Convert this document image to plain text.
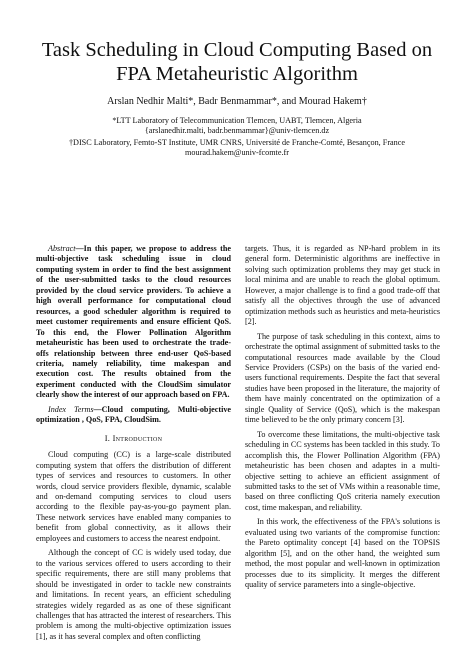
Task Scheduling in Cloud Computing Based on
FPA Metaheuristic Algorithm
Arslan Nedhir Malti*, Badr Benmammar*, and Mourad Hakem†
*LTT Laboratory of Telecommunication Tlemcen, UABT, Tlemcen, Algeria
{arslanedhir.malti, badr.benmammar}@univ-tlemcen.dz
†DISC Laboratory, Femto-ST Institute, UMR CNRS, Université de Franche-Comté, Besançon, France
mourad.hakem@univ-fcomte.fr

Abstract—In this paper, we propose to address the multi-objective task scheduling issue in cloud computing system in order to find the best assignment of the user-submitted tasks to the cloud resources provided by the cloud service providers. To achieve a high overall performance for computational cloud resources, a good scheduler algorithm is required to meet customer requirements and ensure efficient QoS. To this end, the Flower Pollination Algorithm metaheuristic has been used to orchestrate the trade-offs relationship between three end-user QoS-based criteria, namely reliability, time makespan and execution cost. The results obtained from the experiment conducted with the CloudSim simulator clearly show the interest of our approach based on FPA.

Index Terms—Cloud computing, Multi-objective optimization , QoS, FPA, CloudSim.

I. Introduction

Cloud computing (CC) is a large-scale distributed computing system that offers the distribution of different types of services and resources to customers. In other words, cloud service providers flexible, dynamic, scalable and on-demand computing services to cloud users according to the flexible pay-as-you-go payment plan. These network services have enabled many companies to benefit from global connectivity, as it allows their employees and customers to access the nearest endpoint.

Although the concept of CC is widely used today, due to the various services offered to users according to their specific requirements, there are still many problems that should be investigated in order to tackle new constraints and limitations. In recent years, an efficient scheduling strategies widely regarded as as one of these significant challenges that has attracted the interest of researchers. This problem is among the multi-objective optimization issues [1], as it has several complex and often conflicting

targets. Thus, it is regarded as NP-hard problem in its general form. Deterministic algorithms are ineffective in solving such optimization problems they may get stuck in local minima and are unable to reach the global optimum. However, a major challenge is to find a good trade-off that satisfy all the objectives through the use of advanced optimization methods such as heuristics and meta-heuristics [2].

The purpose of task scheduling in this context, aims to orchestrate the optimal assignment of submitted tasks to the computational resources made available by the Cloud Service Providers (CSPs) on the basis of the varied end-users functional requirements. Despite the fact that several studies have been proposed in the literature, the majority of them have mainly concentrated on the optimization of a single Quality of Service (QoS), which is the makespan time believed to be the only primary concern [3].

To overcome these limitations, the multi-objective task scheduling in CC systems has been tackled in this study. To accomplish this, the Flower Pollination Algorithm (FPA) metaheuristic has been chosen and adaptes in a multi-objective setting to achieve an efficient assignment of submitted tasks to the set of VMs within a reasonable time, based on three conflicting QoS criteria namely execution cost, time makespan, and reliability.

In this work, the effectiveness of the FPA's solutions is evaluated using two variants of the compromise function: the Pareto optimality concept [4] based on the TOPSIS algorithm [5], and on the other hand, the weighted sum method, the most popular and well-known in optimization processes due to its simplicity. It merges the different quality of service parameters into a single-objective.
